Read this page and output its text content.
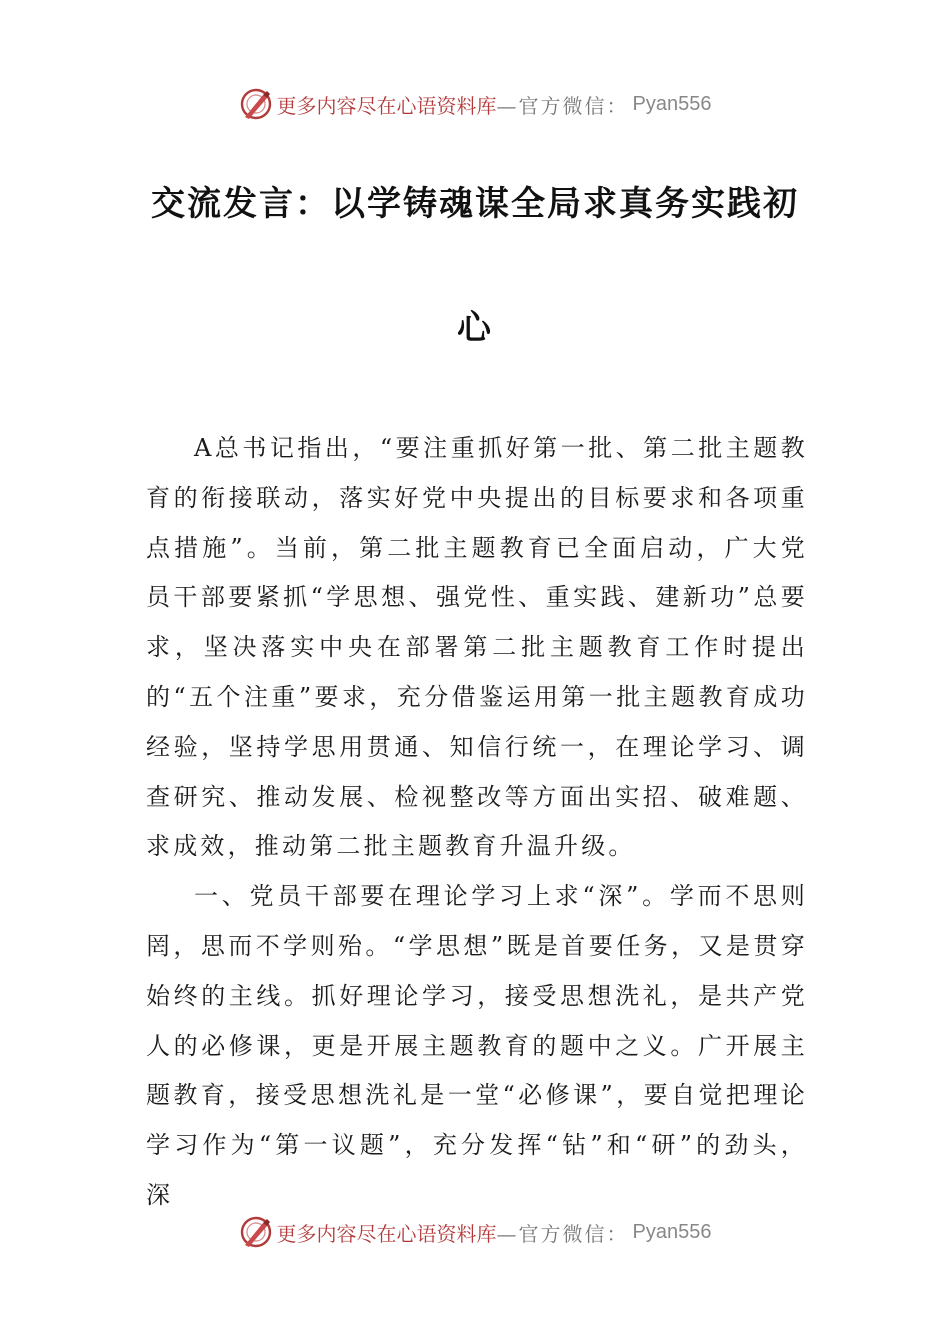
更多内容尽在心语资料库 —官方微信： Pyan556
交流发言：以学铸魂谋全局求真务实践初
心

A总书记指出，“要注重抓好第一批、第二批主题教育的衔接联动，落实好党中央提出的目标要求和各项重点措施”。当前，第二批主题教育已全面启动，广大党员干部要紧抓“学思想、强党性、重实践、建新功”总要求，坚决落实中央在部署第二批主题教育工作时提出的“五个注重”要求，充分借鉴运用第一批主题教育成功经验，坚持学思用贯通、知信行统一，在理论学习、调查研究、推动发展、检视整改等方面出实招、破难题、求成效，推动第二批主题教育升温升级。

一、党员干部要在理论学习上求“深”。学而不思则罔，思而不学则殆。“学思想”既是首要任务，又是贯穿始终的主线。抓好理论学习，接受思想洗礼，是共产党人的必修课，更是开展主题教育的题中之义。广开展主题教育，接受思想洗礼是一堂“必修课”，要自觉把理论学习作为“第一议题”，充分发挥“钻”和“研”的劲头，深

更多内容尽在心语资料库 —官方微信： Pyan556
